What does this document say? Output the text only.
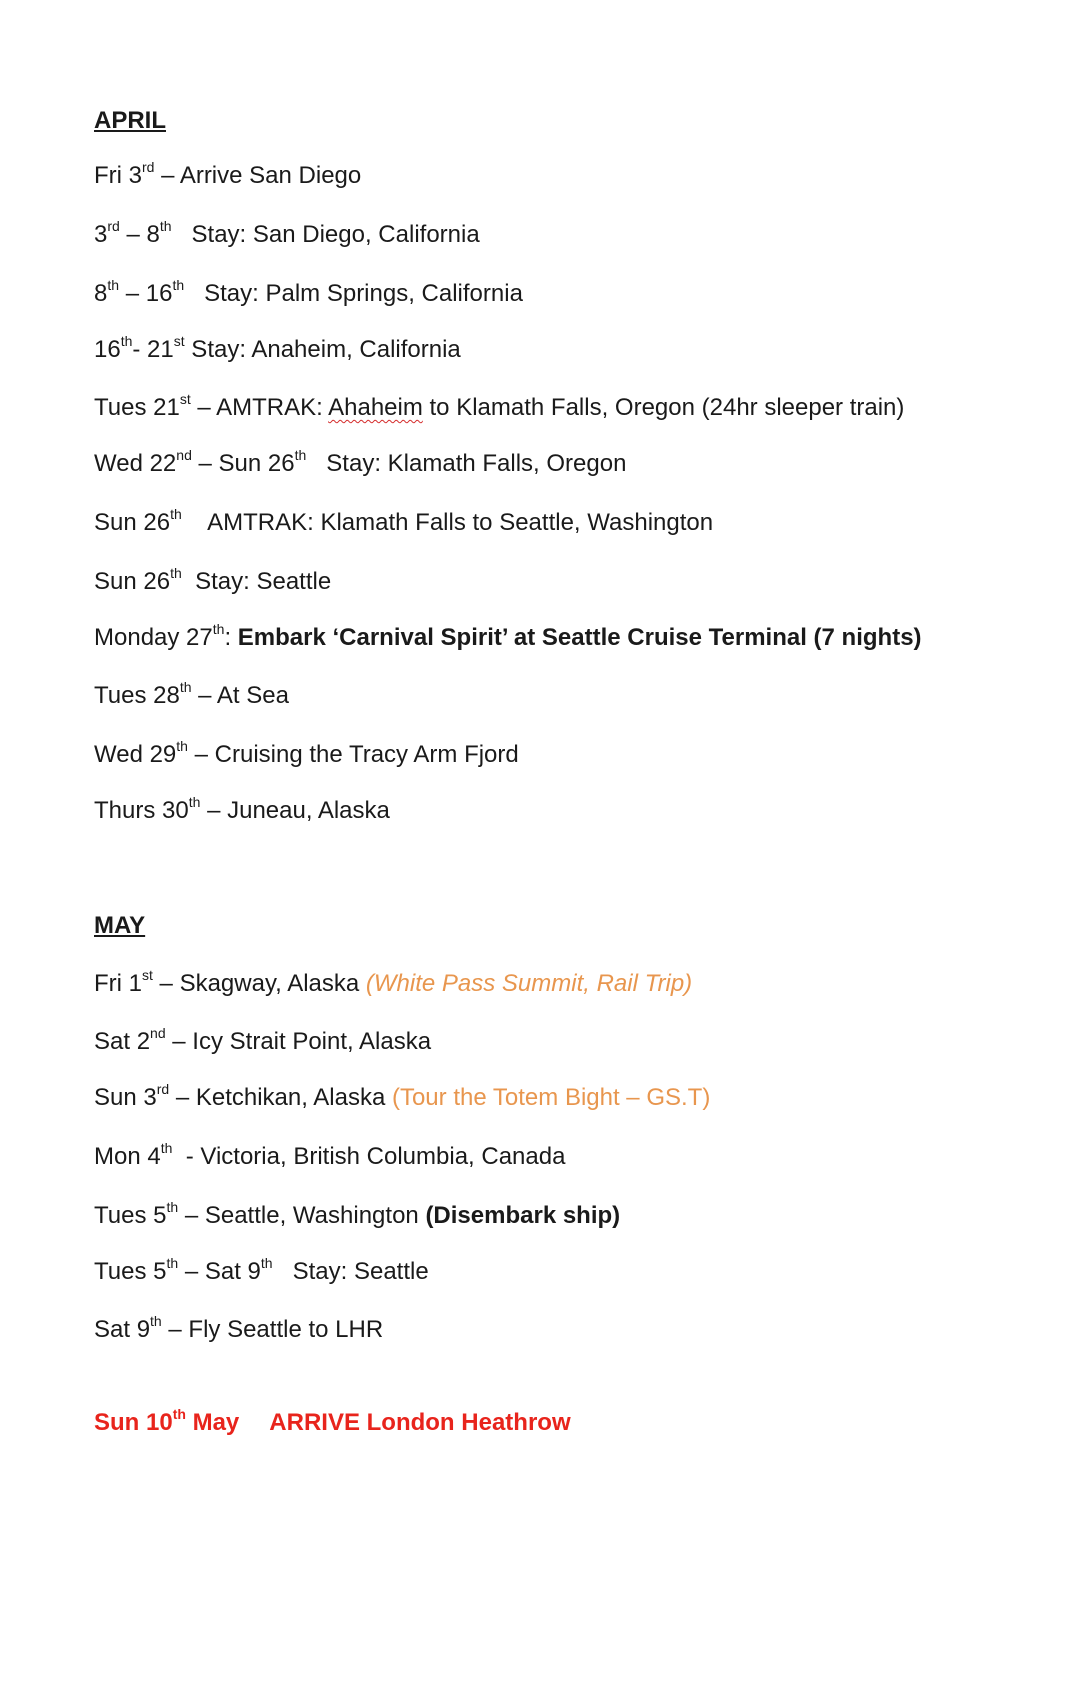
APRIL
Fri 3rd – Arrive San Diego
3rd – 8th   Stay: San Diego, California
8th – 16th   Stay: Palm Springs, California
16th- 21st Stay: Anaheim, California
Tues 21st – AMTRAK: Ahaheim to Klamath Falls, Oregon (24hr sleeper train)
Wed 22nd – Sun 26th   Stay: Klamath Falls, Oregon
Sun 26th    AMTRAK: Klamath Falls to Seattle, Washington
Sun 26th  Stay: Seattle
Monday 27th: Embark ‘Carnival Spirit’ at Seattle Cruise Terminal (7 nights)
Tues 28th – At Sea
Wed 29th – Cruising the Tracy Arm Fjord
Thurs 30th – Juneau, Alaska
MAY
Fri 1st – Skagway, Alaska (White Pass Summit, Rail Trip)
Sat 2nd – Icy Strait Point, Alaska
Sun 3rd – Ketchikan, Alaska (Tour the Totem Bight – GS.T)
Mon 4th  - Victoria, British Columbia, Canada
Tues 5th – Seattle, Washington (Disembark ship)
Tues 5th – Sat 9th   Stay: Seattle
Sat 9th – Fly Seattle to LHR
Sun 10th May ARRIVE London Heathrow
